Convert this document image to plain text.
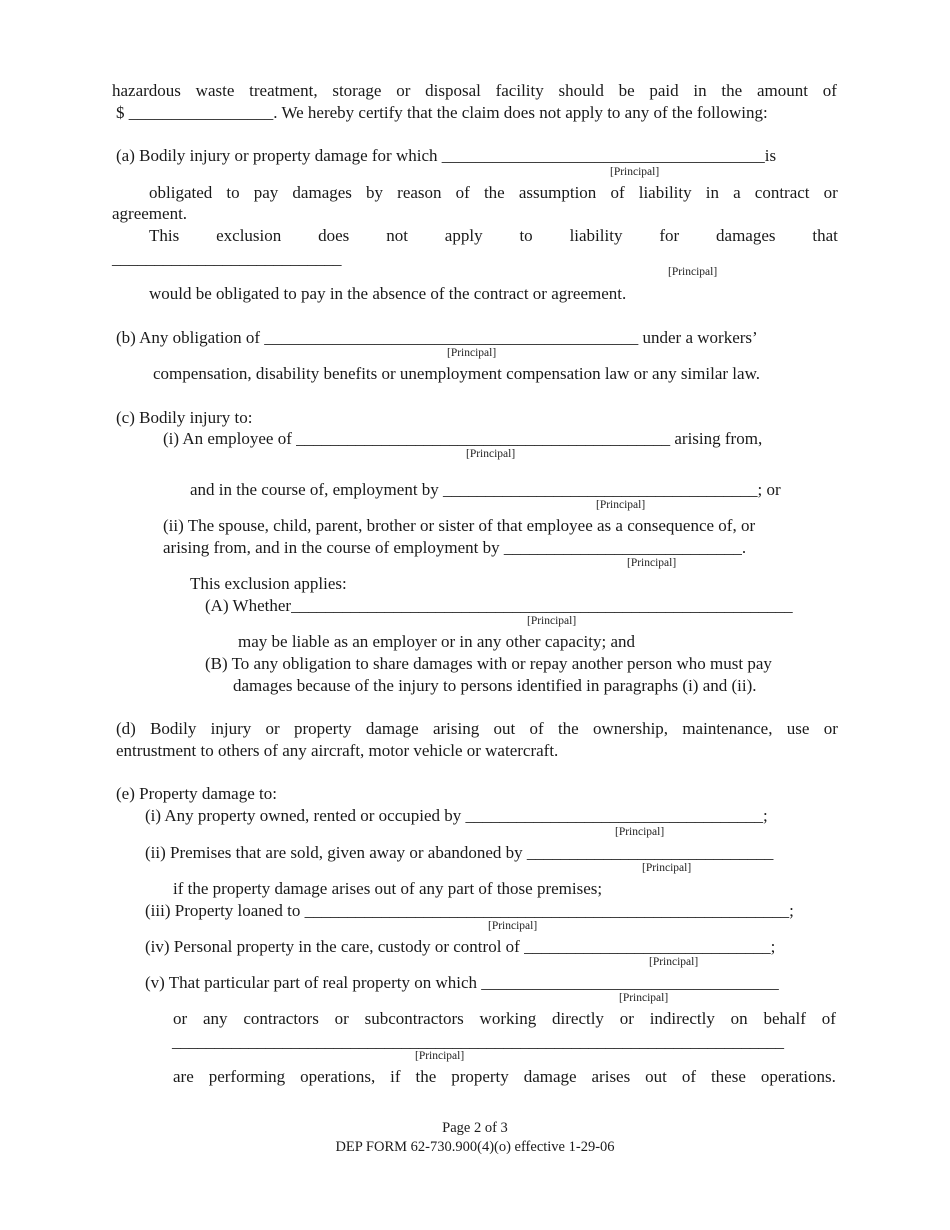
hazardous waste treatment, storage or disposal facility should be paid in the amount of
$ _________________. We hereby certify that the claim does not apply to any of the following:
(a) Bodily injury or property damage for which ______________________________________is
[Principal]
obligated to pay damages by reason of the assumption of liability in a contract or
agreement.
This exclusion does not apply to liability for damages that
___________________________
[Principal]
would be obligated to pay in the absence of the contract or agreement.
(b) Any obligation of ____________________________________________ under a workers’
[Principal]
compensation, disability benefits or unemployment compensation law or any similar law.
(c) Bodily injury to:
(i) An employee of ____________________________________________ arising from,
[Principal]
and in the course of, employment by _____________________________________; or
[Principal]
(ii) The spouse, child, parent, brother or sister of that employee as a consequence of, or
arising from, and in the course of employment by ____________________________.
[Principal]
This exclusion applies:
(A) Whether___________________________________________________________
[Principal]
may be liable as an employer or in any other capacity; and
(B) To any obligation to share damages with or repay another person who must pay
damages because of the injury to persons identified in paragraphs (i) and (ii).
(d) Bodily injury or property damage arising out of the ownership, maintenance, use or
entrustment to others of any aircraft, motor vehicle or watercraft.
(e) Property damage to:
(i) Any property owned, rented or occupied by ___________________________________;
[Principal]
(ii) Premises that are sold, given away or abandoned by _____________________________
[Principal]
if the property damage arises out of any part of those premises;
(iii) Property loaned to _________________________________________________________;
[Principal]
(iv) Personal property in the care, custody or control of _____________________________;
[Principal]
(v) That particular part of real property on which ___________________________________
[Principal]
or any contractors or subcontractors working directly or indirectly on behalf of
________________________________________________________________________
[Principal]
are performing operations, if the property damage arises out of these operations.
Page 2 of 3
DEP FORM 62-730.900(4)(o) effective 1-29-06
